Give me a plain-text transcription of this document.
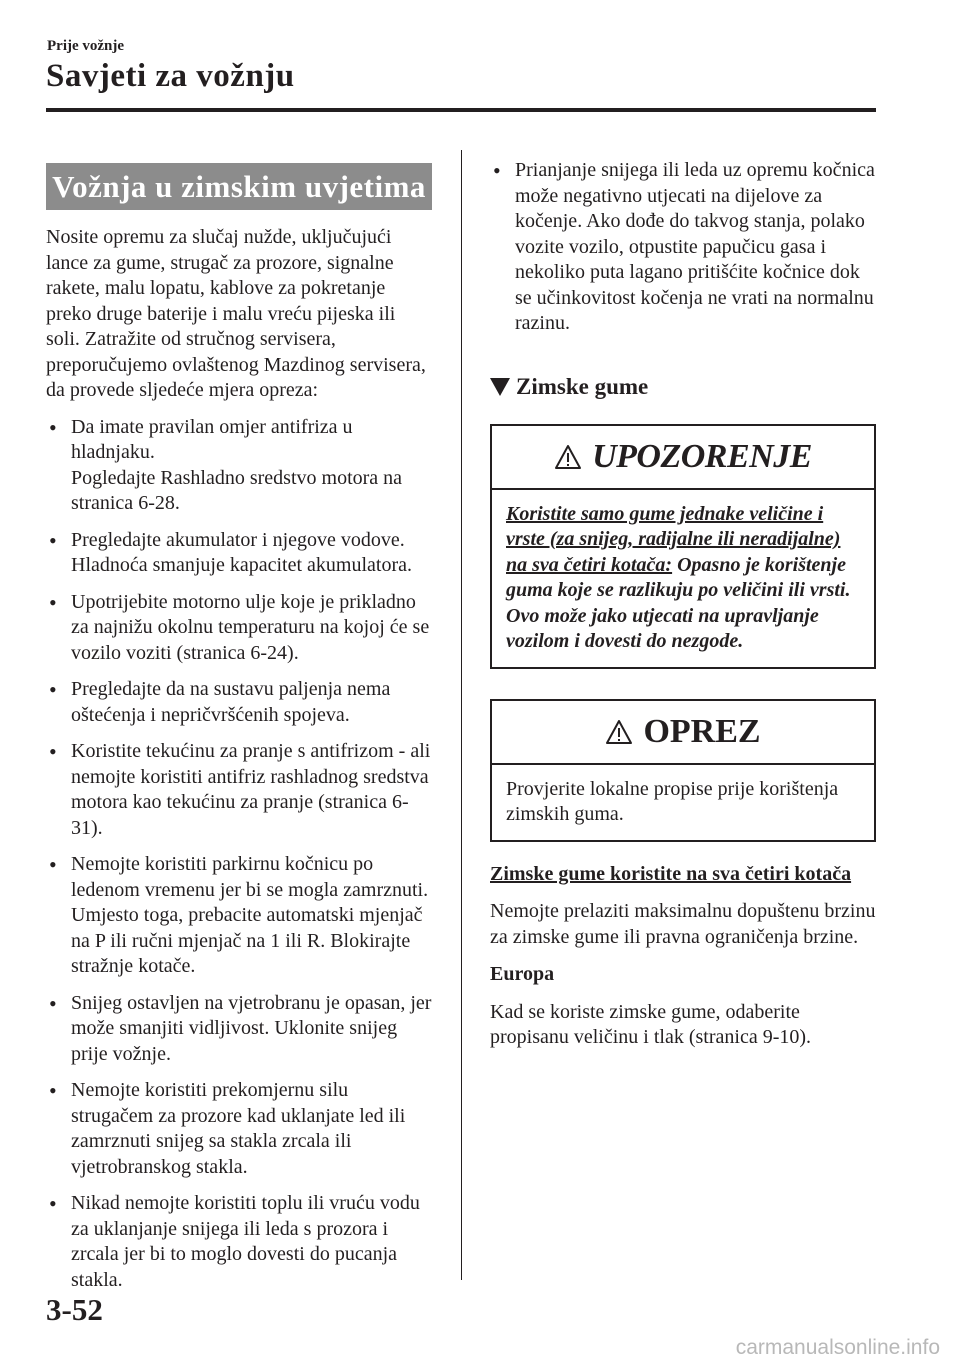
Prije vožnje
Savjeti za vožnju
Vožnja u zimskim uvjetima

Nosite opremu za slučaj nužde, uključujući lance za gume, strugač za prozore, signalne rakete, malu lopatu, kablove za pokretanje preko druge baterije i malu vreću pijeska ili soli. Zatražite od stručnog servisera, preporučujemo ovlaštenog Mazdinog servisera, da provede sljedeće mjera opreza:

• Da imate pravilan omjer antifriza u hladnjaku.
Pogledajte Rashladno sredstvo motora na stranica 6-28.
• Pregledajte akumulator i njegove vodove. Hladnoća smanjuje kapacitet akumulatora.
• Upotrijebite motorno ulje koje je prikladno za najnižu okolnu temperaturu na kojoj će se vozilo voziti (stranica 6-24).
• Pregledajte da na sustavu paljenja nema oštećenja i nepričvršćenih spojeva.
• Koristite tekućinu za pranje s antifrizom - ali nemojte koristiti antifriz rashladnog sredstva motora kao tekućinu za pranje (stranica 6-31).
• Nemojte koristiti parkirnu kočnicu po ledenom vremenu jer bi se mogla zamrznuti. Umjesto toga, prebacite automatski mjenjač na P ili ručni mjenjač na 1 ili R. Blokirajte stražnje kotače.
• Snijeg ostavljen na vjetrobranu je opasan, jer može smanjiti vidljivost. Uklonite snijeg prije vožnje.
• Nemojte koristiti prekomjernu silu strugačem za prozore kad uklanjate led ili zamrznuti snijeg sa stakla zrcala ili vjetrobranskog stakla.
• Nikad nemojte koristiti toplu ili vruću vodu za uklanjanje snijega ili leda s prozora i zrcala jer bi to moglo dovesti do pucanja stakla.
• Prianjanje snijega ili leda uz opremu kočnica može negativno utjecati na dijelove za kočenje. Ako dođe do takvog stanja, polako vozite vozilo, otpustite papučicu gasa i nekoliko puta lagano pritišćite kočnice dok se učinkovitost kočenja ne vrati na normalnu razinu.
Zimske gume
UPOZORENJE
Koristite samo gume jednake veličine i vrste (za snijeg, radijalne ili neradijalne) na sva četiri kotača: Opasno je korištenje guma koje se razlikuju po veličini ili vrsti. Ovo može jako utjecati na upravljanje vozilom i dovesti do nezgode.
OPREZ
Provjerite lokalne propise prije korištenja zimskih guma.
Zimske gume koristite na sva četiri kotača

Nemojte prelaziti maksimalnu dopuštenu brzinu za zimske gume ili pravna ograničenja brzine.

Europa

Kad se koriste zimske gume, odaberite propisanu veličinu i tlak (stranica 9-10).

3-52
carmanualsonline.info
